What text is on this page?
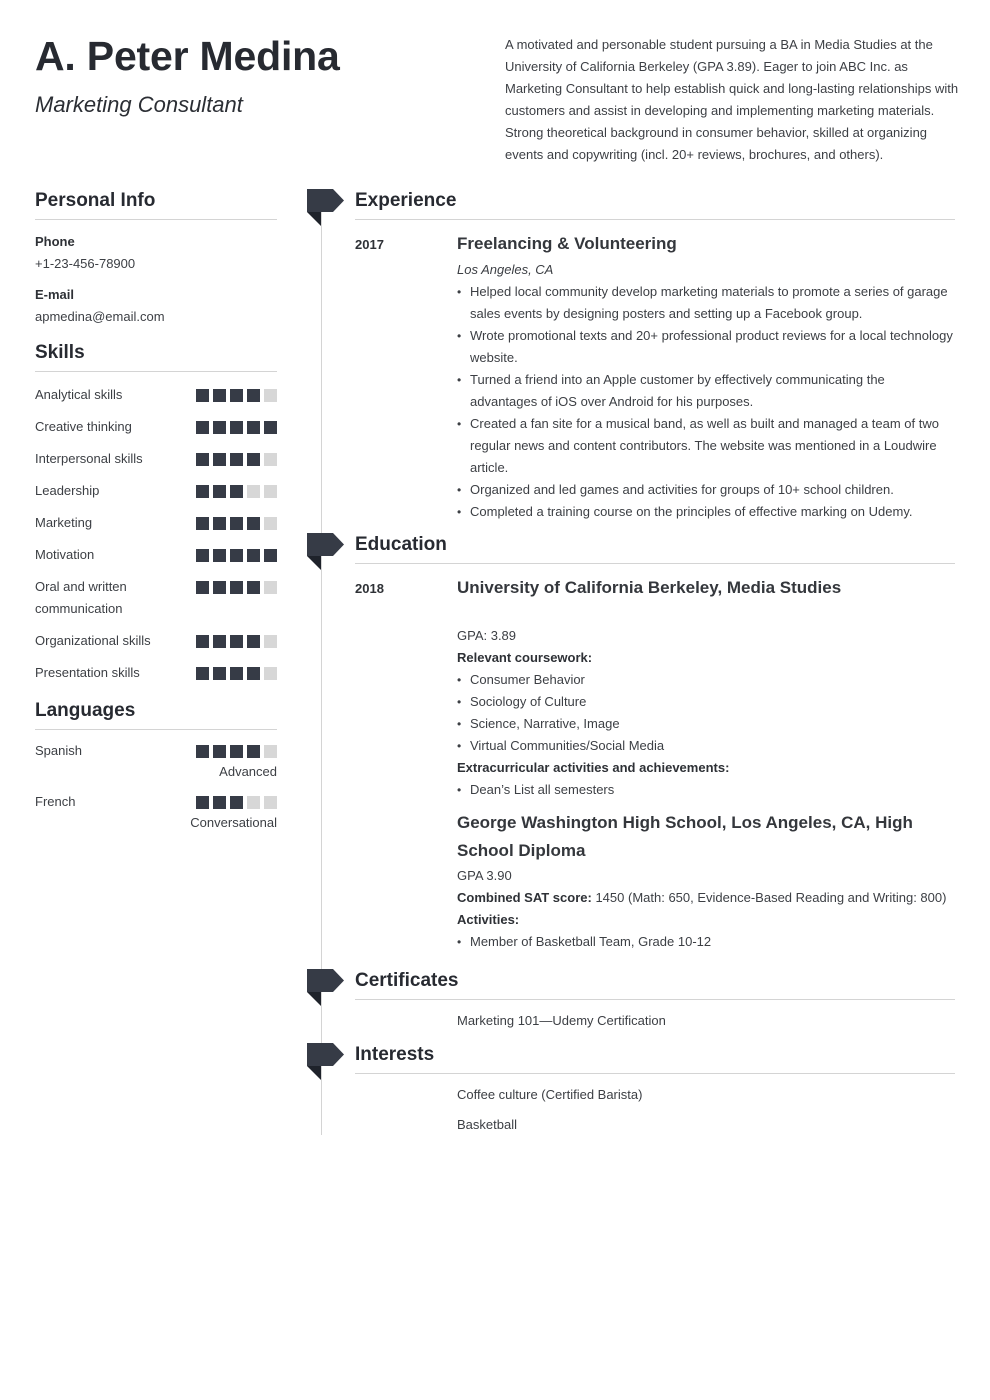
A. Peter Medina
Marketing Consultant
A motivated and personable student pursuing a BA in Media Studies at the University of California Berkeley (GPA 3.89). Eager to join ABC Inc. as Marketing Consultant to help establish quick and long-lasting relationships with customers and assist in developing and implementing marketing materials. Strong theoretical background in consumer behavior, skilled at organizing events and copywriting (incl. 20+ reviews, brochures, and others).
Personal Info
Phone
+1-23-456-78900
E-mail
apmedina@email.com
Skills
Analytical skills
Creative thinking
Interpersonal skills
Leadership
Marketing
Motivation
Oral and written communication
Organizational skills
Presentation skills
Languages
Spanish
Advanced
French
Conversational
Experience
2017	Freelancing & Volunteering
Los Angeles, CA
• Helped local community develop marketing materials to promote a series of garage sales events by designing posters and setting up a Facebook group.
• Wrote promotional texts and 20+ professional product reviews for a local technology website.
• Turned a friend into an Apple customer by effectively communicating the advantages of iOS over Android for his purposes.
• Created a fan site for a musical band, as well as built and managed a team of two regular news and content contributors. The website was mentioned in a Loudwire article.
• Organized and led games and activities for groups of 10+ school children.
• Completed a training course on the principles of effective marking on Udemy.
Education
2018	University of California Berkeley, Media Studies
GPA: 3.89
Relevant coursework:
• Consumer Behavior
• Sociology of Culture
• Science, Narrative, Image
• Virtual Communities/Social Media
Extracurricular activities and achievements:
• Dean’s List all semesters
George Washington High School, Los Angeles, CA, High School Diploma
GPA 3.90
Combined SAT score: 1450 (Math: 650, Evidence-Based Reading and Writing: 800)
Activities:
• Member of Basketball Team, Grade 10-12
Certificates
Marketing 101—Udemy Certification
Interests
Coffee culture (Certified Barista)
Basketball
